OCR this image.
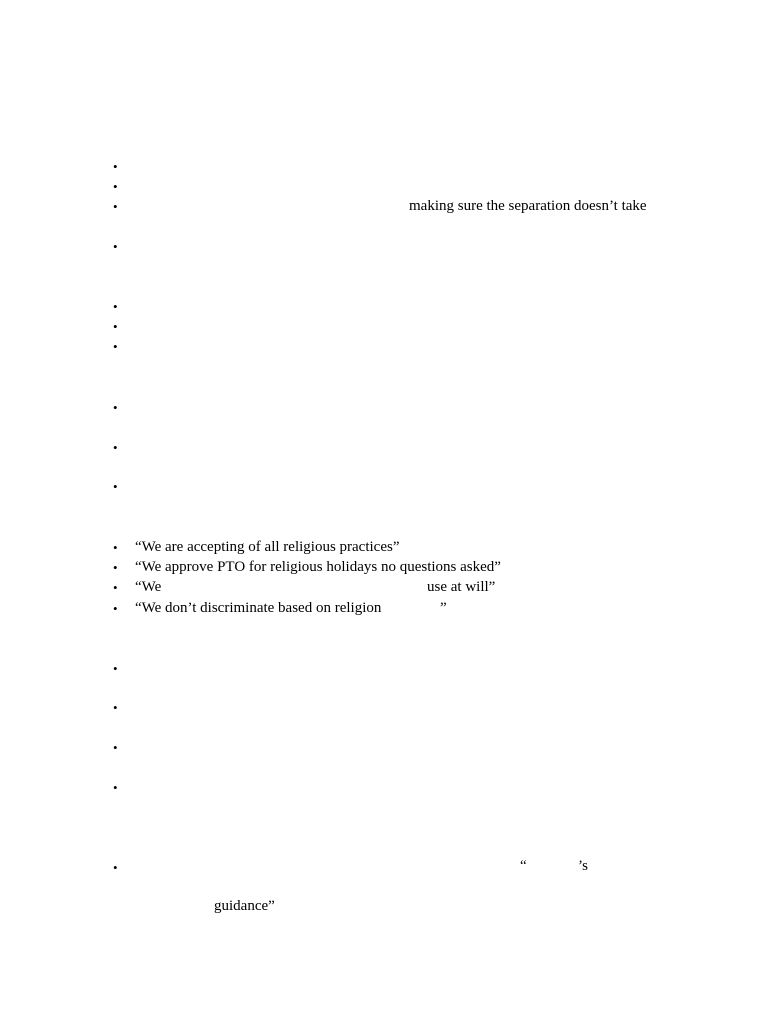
•
•
•	making sure the separation doesn’t take
•
•
•
•
•
•
•
• “We are accepting of all religious practices”
• “We approve PTO for religious holidays no questions asked”
• “We	use at will”
• “We don’t discriminate based on religion	”
•
•
•
•
•	“	’s
guidance”
